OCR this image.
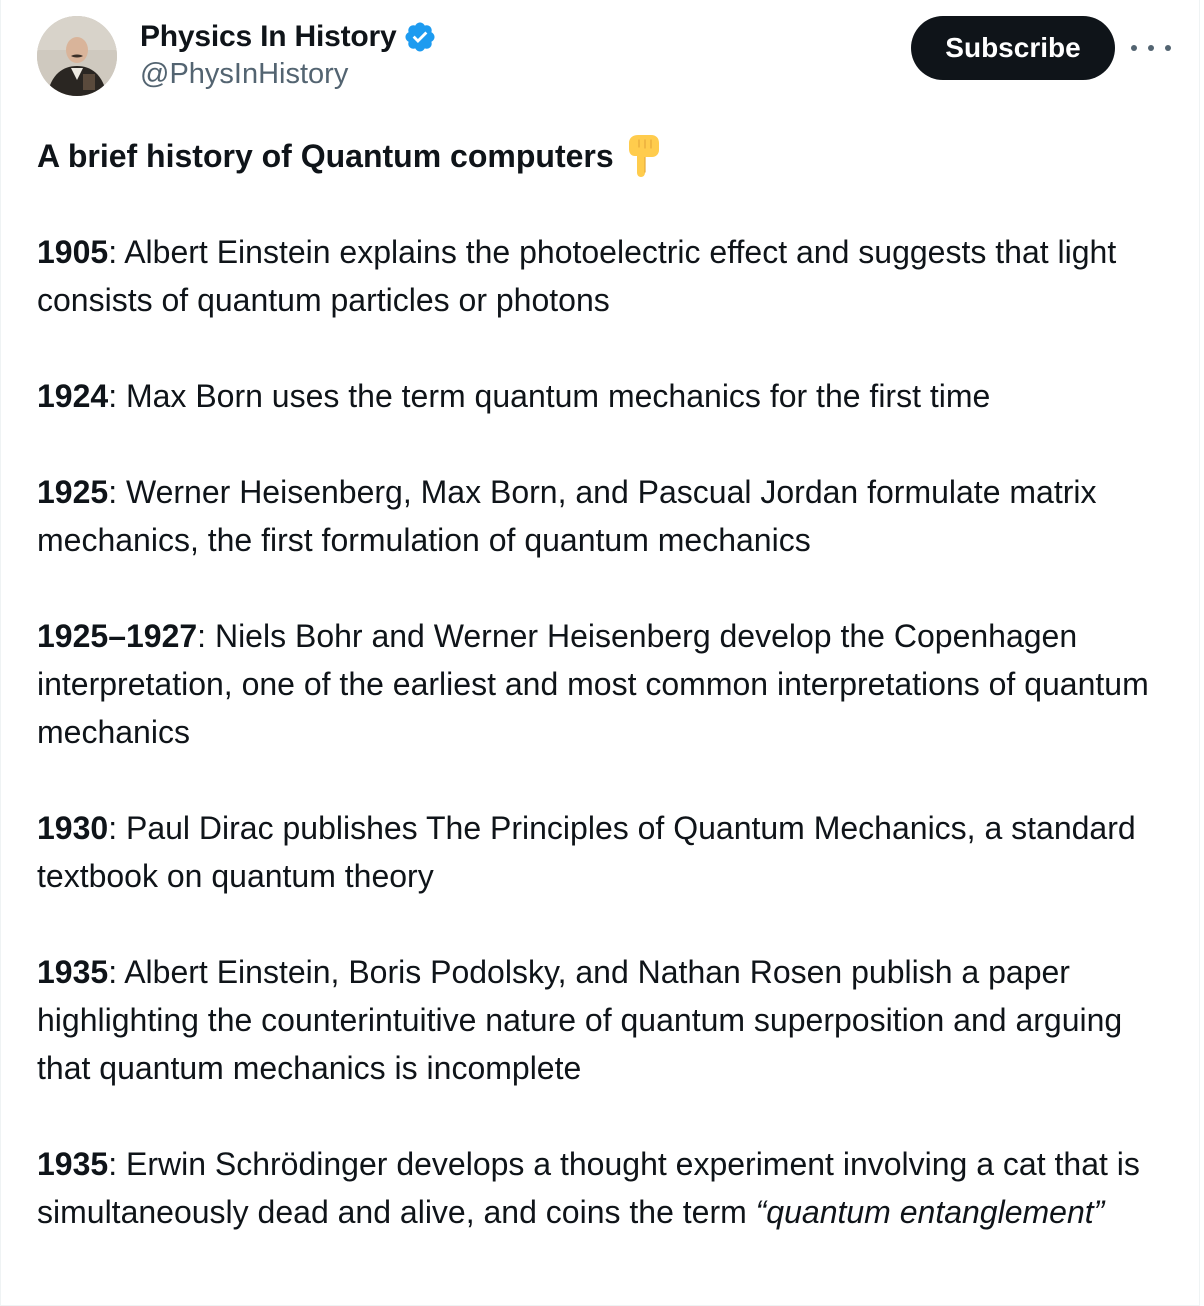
Physics In History
@PhysInHistory
Subscribe
A brief history of Quantum computers

1905: Albert Einstein explains the photoelectric effect and suggests that light consists of quantum particles or photons

1924: Max Born uses the term quantum mechanics for the first time

1925: Werner Heisenberg, Max Born, and Pascual Jordan formulate matrix mechanics, the first formulation of quantum mechanics

1925–1927: Niels Bohr and Werner Heisenberg develop the Copenhagen interpretation, one of the earliest and most common interpretations of quantum mechanics

1930: Paul Dirac publishes The Principles of Quantum Mechanics, a standard textbook on quantum theory

1935: Albert Einstein, Boris Podolsky, and Nathan Rosen publish a paper highlighting the counterintuitive nature of quantum superposition and arguing that quantum mechanics is incomplete

1935: Erwin Schrödinger develops a thought experiment involving a cat that is simultaneously dead and alive, and coins the term “quantum entanglement”
